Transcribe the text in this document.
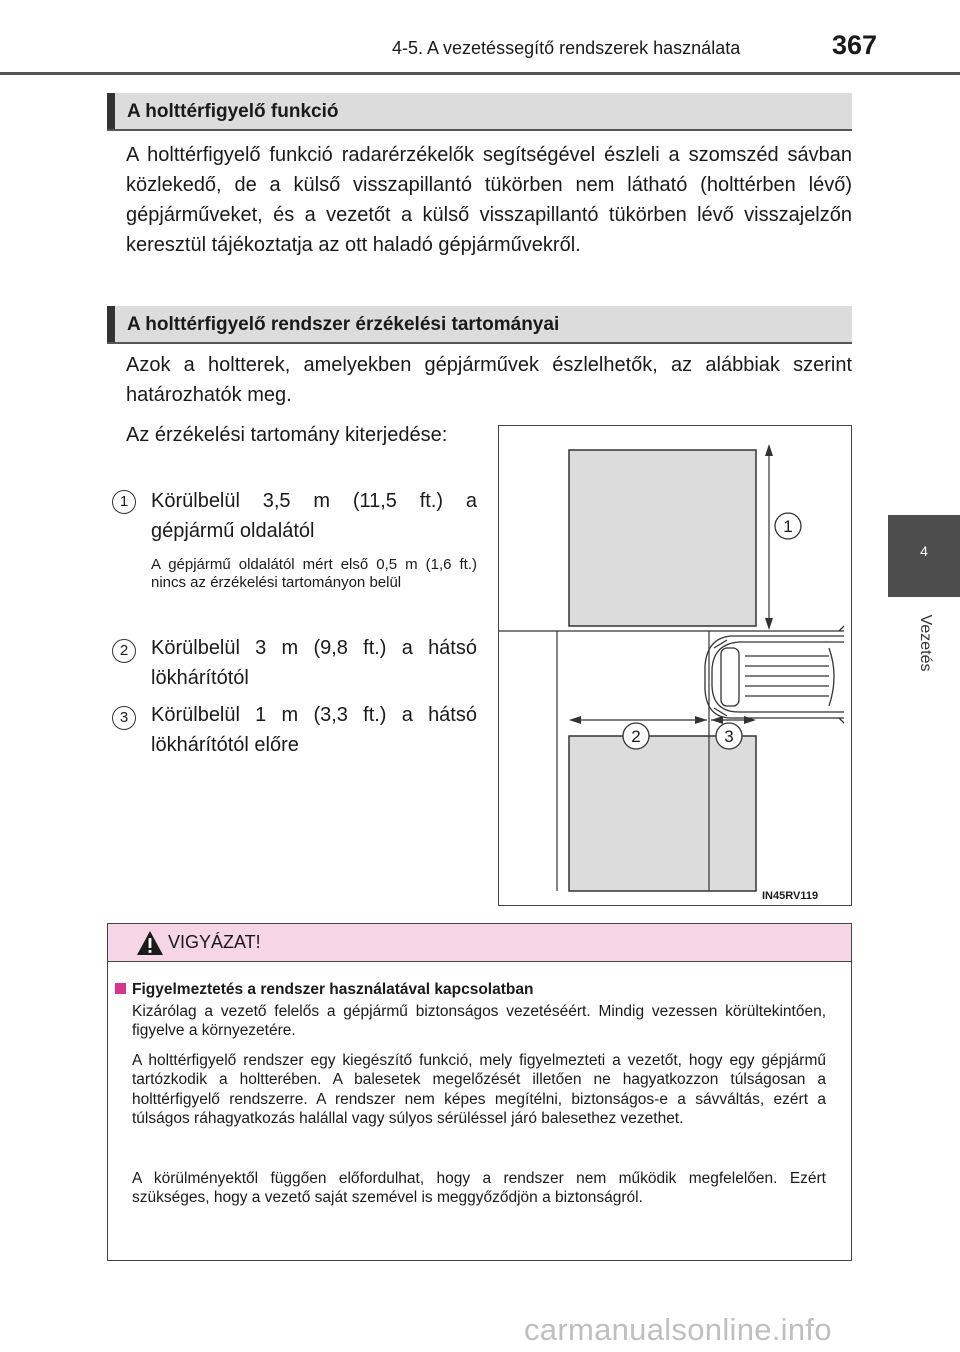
4-5. A vezetéssegítő rendszerek használata	367
4
Vezetés
A holttérfigyelő funkció
A holttérfigyelő funkció radarérzékelők segítségével észleli a szomszéd sávban közlekedő, de a külső visszapillantó tükörben nem látható (holttérben lévő) gépjárműveket, és a vezetőt a külső visszapillantó tükörben lévő visszajelzőn keresztül tájékoztatja az ott haladó gépjárművekről.
A holttérfigyelő rendszer érzékelési tartományai
Azok a holtterek, amelyekben gépjárművek észlelhetők, az alábbiak szerint határozhatók meg.
Az érzékelési tartomány kiterjedése:
1	Körülbelül 3,5 m (11,5 ft.) a gépjármű oldalától
A gépjármű oldalától mért első 0,5 m (1,6 ft.) nincs az érzékelési tartományon belül
2	Körülbelül 3 m (9,8 ft.) a hátsó lökhárítótól
3	Körülbelül 1 m (3,3 ft.) a hátsó lökhárítótól előre
1
2	3
IN45RV119
VIGYÁZAT!
Figyelmeztetés a rendszer használatával kapcsolatban
Kizárólag a vezető felelős a gépjármű biztonságos vezetéséért. Mindig vezessen körültekintően, figyelve a környezetére.
A holttérfigyelő rendszer egy kiegészítő funkció, mely figyelmezteti a vezetőt, hogy egy gépjármű tartózkodik a holtterében. A balesetek megelőzését illetően ne hagyatkozzon túlságosan a holttérfigyelő rendszerre. A rendszer nem képes megítélni, biztonságos-e a sávváltás, ezért a túlságos ráhagyatkozás halállal vagy súlyos sérüléssel járó balesethez vezethet.
A körülményektől függően előfordulhat, hogy a rendszer nem működik megfelelően. Ezért szükséges, hogy a vezető saját szemével is meggyőződjön a biztonságról.
carmanualsonline.info
